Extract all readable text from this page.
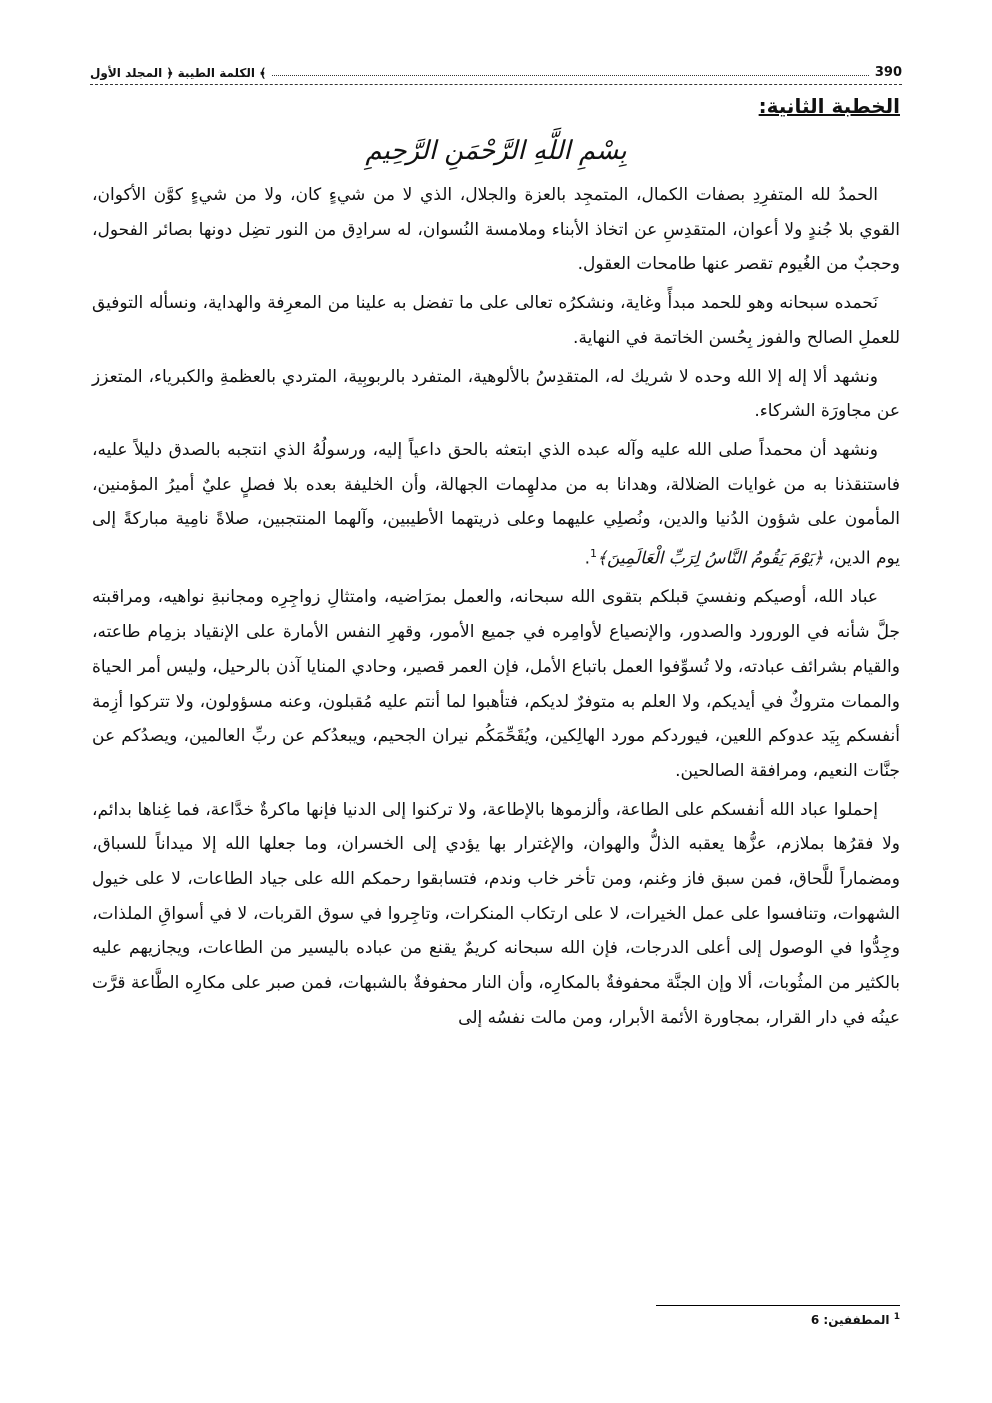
الكلمة الطيبة ﴿ المجلد الأول ﴾	390
الخطبة الثانية:
بِسْمِ اللَّهِ الرَّحْمَنِ الرَّحِيمِ

الحمدُ لله المتفرِدِ بصفات الكمال، المتمجِد بالعزة والجلال، الذي لا من شيءٍ كان، ولا من شيءٍ كوَّن الأكوان، القوي بلا جُندٍ ولا أعوان، المتقدِسِ عن اتخاذ الأبناء وملامسة النُسوان، له سرادِق من النور تضِل دونها بصائر الفحول، وحجبٌ من الغُيوم تقصر عنها طامحات العقول.

نَحمده سبحانه وهو للحمد مبدأً وغاية، ونشكرُه تعالى على ما تفضل به علينا من المعرِفة والهداية، ونسأله التوفيق للعملِ الصالح والفوز بِحُسن الخاتمة في النهاية.

ونشهد ألا إله إلا الله وحده لا شريك له، المتقدِسُ بالألوهية، المتفرد بالربوبِية، المتردي بالعظمةِ والكبرياء، المتعزز عن مجاورَة الشركاء.

ونشهد أن محمداً صلى الله عليه وآله عبده الذي ابتعثه بالحق داعياً إليه، ورسولُهُ الذي انتجبه بالصدق دليلاً عليه، فاستنقذنا به من غوايات الضلالة، وهدانا به من مدلهِمات الجهالة، وأن الخليفة بعده بلا فصلٍ عليٌ أميرُ المؤمنين، المأمون على شؤون الدُنيا والدين، ونُصلِي عليهما وعلى ذريتهما الأطيبين، وآلهما المنتجبين، صلاةً نامِية مباركةً إلى يوم الدين، ﴿يَوْمَ يَقُومُ النَّاسُ لِرَبِّ الْعَالَمِينَ﴾$^1$.

عباد الله، أوصيكم ونفسيَ قبلكم بتقوى الله سبحانه، والعمل بمرَاضيه، وامتثالِ زواجِرِه ومجانبةِ نواهيه، ومراقبته جلَّ شأنه في الورورد والصدور، والإنصياع لأوامِره في جميع الأمور، وقهرِ النفس الأمارة على الإنقياد بزمِام طاعته، والقيام بشرائف عبادته، ولا تُسوِّفوا العمل باتباع الأمل، فإن العمر قصير، وحادي المنايا آذن بالرحيل، وليس أمر الحياة والممات متروكٌ في أيديكم، ولا العلم به متوفرٌ لديكم، فتأهبوا لما أنتم عليه مُقبلون، وعنه مسؤولون، ولا تتركوا أزِمة أنفسكم بِيَد عدوكم اللعين، فيوردكم مورد الهالِكين، ويُقَحِّمَكُم نيران الجحيم، ويبعدُكم عن ربِّ العالمين، ويصدُكم عن جنَّات النعيم، ومرافقة الصالحين.

إحملوا عباد الله أنفسكم على الطاعة، وألزموها بالإطاعة، ولا تركنوا إلى الدنيا فإنها ماكرةٌ خدَّاعة، فما غِناها بدائم، ولا فقرُها بملازم، عزُّها يعقبه الذلُّ والهوان، والإغترار بها يؤدي إلى الخسران، وما جعلها الله إلا ميداناً للسباق، ومضماراً للَّحاق، فمن سبق فاز وغنم، ومن تأخر خاب وندم، فتسابقوا رحمكم الله على جياد الطاعات، لا على خيول الشهوات، وتنافسوا على عمل الخيرات، لا على ارتكاب المنكرات، وتاجِروا في سوق القربات، لا في أسواقِ الملذات، وجِدُّوا في الوصول إلى أعلى الدرجات، فإن الله سبحانه كريمٌ يقنع من عباده باليسير من الطاعات، ويجازيهم عليه بالكثير من المثُوبات، ألا وإن الجنَّة محفوفةٌ بالمكارِه، وأن النار محفوفةٌ بالشبهات، فمن صبر على مكارِه الطَّاعة قرَّت عينُه في دار القرار، بمجاورة الأئمة الأبرار، ومن مالت نفسُه إلى

$^1$ المطففين: 6
